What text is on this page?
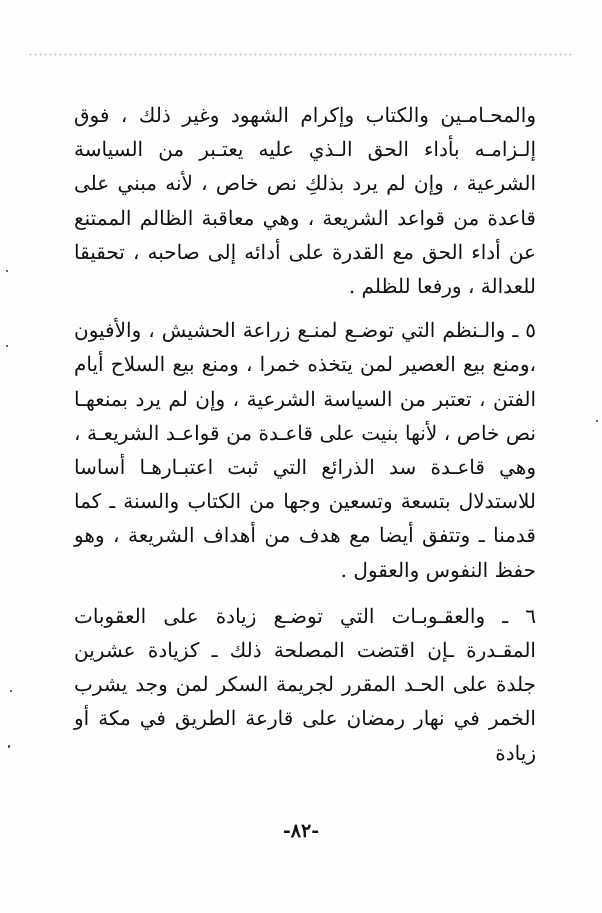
والمحـامـين والكتاب وإكرام الشهود وغير ذلك ، فوق إلـزامـه بأداء الحق الـذي عليه يعتـبر من السياسة الشرعية ، وإن لم يرد بذلكِ نص خاص ، لأنه مبني على قاعدة من قواعد الشريعة ، وهي معاقبة الظالم الممتنع عن أداء الحق مع القدرة على أدائه إلى صاحبه ، تحقيقا للعدالة ، ورفعا للظلم .

٥ ـ والـنظم التي توضـع لمنـع زراعة الحشيش ، والأفيون ،ومنع بيع العصير لمن يتخذه خمرا ، ومنع بيع السلاح أيام الفتن ، تعتبر من السياسة الشرعية ، وإن لم يرد بمنعهـا نص خاص ، لأنها بنيت على قاعـدة من قواعـد الشريعـة ، وهي قاعـدة سد الذرائع التي ثبت اعتبـارهـا أساسا للاستدلال بتسعة وتسعين وجها من الكتاب والسنة ـ كما قدمنا ـ وتتفق أيضا مع هدف من أهداف الشريعة ، وهو حفظ النفوس والعقول .

٦ ـ والعقـوبـات التي توضـع زيادة على العقوبات المقـدرة ـإن اقتضت المصلحة ذلك ـ كزيادة عشرين جلدة على الحـد المقرر لجريمة السكر لمن وجد يشرب الخمر في نهار رمضان على قارعة الطريق في مكة أو زيادة

-٨٢-
